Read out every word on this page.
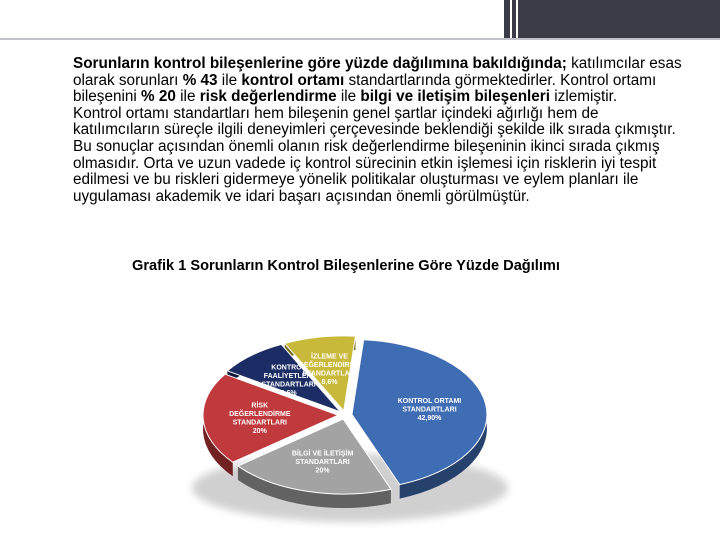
Sorunların kontrol bileşenlerine göre yüzde dağılımına bakıldığında; katılımcılar esas olarak sorunları % 43 ile kontrol ortamı standartlarında görmektedirler. Kontrol ortamı bileşenini % 20 ile risk değerlendirme ile bilgi ve iletişim bileşenleri izlemiştir.

Kontrol ortamı standartları hem bileşenin genel şartlar içindeki ağırlığı hem de katılımcıların süreçle ilgili deneyimleri çerçevesinde beklendiği şekilde ilk sırada çıkmıştır. Bu sonuçlar açısından önemli olanın risk değerlendirme bileşeninin ikinci sırada çıkmış olmasıdır. Orta ve uzun vadede iç kontrol sürecinin etkin işlemesi için risklerin iyi tespit edilmesi ve bu riskleri gidermeye yönelik politikalar oluşturması ve eylem planları ile uygulaması akademik ve idari başarı açısından önemli görülmüştür.

Grafik 1 Sorunların Kontrol Bileşenlerine Göre Yüzde Dağılımı
KONTROL ORTAMI STANDARTLARI 42,90%
BİLGİ VE İLETİŞİM STANDARTLARI 20%
RİSK DEĞERLENDİRME STANDARTLARI 20%
KONTROL FAALİYETLERİ STANDARTLARI 8,6%
İZLEME VE DEĞERLENDİRME STANDARTLARI 8,6%
